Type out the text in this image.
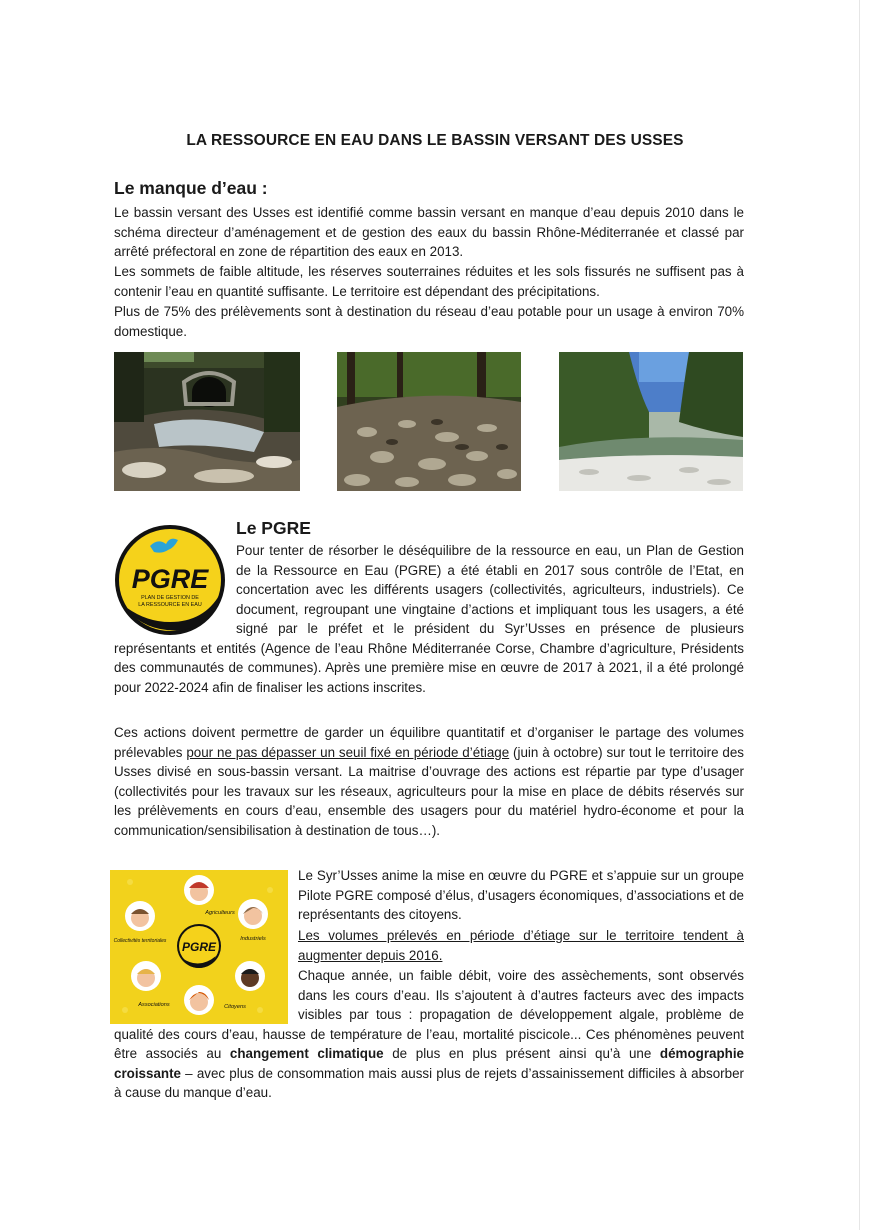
LA RESSOURCE EN EAU DANS LE BASSIN VERSANT DES USSES
Le manque d’eau :

Le bassin versant des Usses est identifié comme bassin versant en manque d’eau depuis 2010 dans le schéma directeur d’aménagement et de gestion des eaux du bassin Rhône-Méditerranée et classé par arrêté préfectoral en zone de répartition des eaux en 2013.

Les sommets de faible altitude, les réserves souterraines réduites et les sols fissurés ne suffisent pas à contenir l’eau en quantité suffisante. Le territoire est dépendant des précipitations.

Plus de 75% des prélèvements sont à destination du réseau d’eau potable pour un usage à environ 70% domestique.

PGRE
PLAN DE GESTION DE
LA RESSOURCE EN EAU
Le PGRE

Pour tenter de résorber le déséquilibre de la ressource en eau, un Plan de Gestion de la Ressource en Eau (PGRE) a été établi en 2017 sous contrôle de l’Etat, en concertation avec les différents usagers (collectivités, agriculteurs, industriels). Ce document, regroupant une vingtaine d’actions et impliquant tous les usagers, a été signé par le préfet et le président du Syr’Usses en présence de plusieurs représentants et entités (Agence de l’eau Rhône Méditerranée Corse, Chambre d’agriculture, Présidents des communautés de communes). Après une première mise en œuvre de 2017 à 2021, il a été prolongé pour 2022-2024 afin de finaliser les actions inscrites.

Ces actions doivent permettre de garder un équilibre quantitatif et d’organiser le partage des volumes prélevables pour ne pas dépasser un seuil fixé en période d’étiage (juin à octobre) sur tout le territoire des Usses divisé en sous-bassin versant. La maitrise d’ouvrage des actions est répartie par type d’usager (collectivités pour les travaux sur les réseaux, agriculteurs pour la mise en place de débits réservés sur les prélèvements en cours d’eau, ensemble des usagers pour du matériel hydro-économe et pour la communication/sensibilisation à destination de tous…).

PGRE
Agriculteurs
Collectivités territoriales	Industriels
Associations	Citoyens

Le Syr’Usses anime la mise en œuvre du PGRE et s’appuie sur un groupe Pilote PGRE composé d’élus, d’usagers économiques, d’associations et de représentants des citoyens.

Les volumes prélevés en période d’étiage sur le territoire tendent à augmenter depuis 2016.

Chaque année, un faible débit, voire des assèchements, sont observés dans les cours d’eau. Ils s’ajoutent à d’autres facteurs avec des impacts visibles par tous : propagation de développement algale, problème de qualité des cours d’eau, hausse de température de l’eau, mortalité piscicole... Ces phénomènes peuvent être associés au changement climatique de plus en plus présent ainsi qu’à une démographie croissante – avec plus de consommation mais aussi plus de rejets d’assainissement difficiles à absorber à cause du manque d’eau.
